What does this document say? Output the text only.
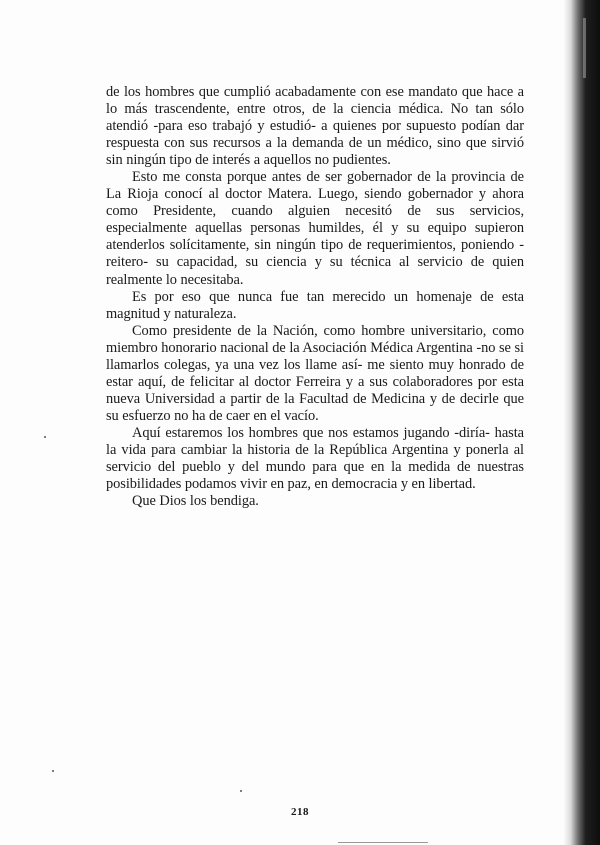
de los hombres que cumplió acabadamente con ese mandato que hace a lo más trascendente, entre otros, de la ciencia médica. No tan sólo atendió -para eso trabajó y estudió- a quienes por supuesto podían dar respuesta con sus recursos a la demanda de un médico, sino que sirvió sin ningún tipo de interés a aquellos no pudientes.

Esto me consta porque antes de ser gobernador de la provincia de La Rioja conocí al doctor Matera. Luego, siendo gobernador y ahora como Presidente, cuando alguien necesitó de sus servicios, especialmente aquellas personas humildes, él y su equipo supieron atenderlos solícitamente, sin ningún tipo de requerimientos, poniendo -reitero- su capacidad, su ciencia y su técnica al servicio de quien realmente lo necesitaba.

Es por eso que nunca fue tan merecido un homenaje de esta magnitud y naturaleza.

Como presidente de la Nación, como hombre universitario, como miembro honorario nacional de la Asociación Médica Argentina -no se si llamarlos colegas, ya una vez los llame así- me siento muy honrado de estar aquí, de felicitar al doctor Ferreira y a sus colaboradores por esta nueva Universidad a partir de la Facultad de Medicina y de decirle que su esfuerzo no ha de caer en el vacío.

Aquí estaremos los hombres que nos estamos jugando -diría- hasta la vida para cambiar la historia de la República Argentina y ponerla al servicio del pueblo y del mundo para que en la medida de nuestras posibilidades podamos vivir en paz, en democracia y en libertad.

Que Dios los bendiga.

218
